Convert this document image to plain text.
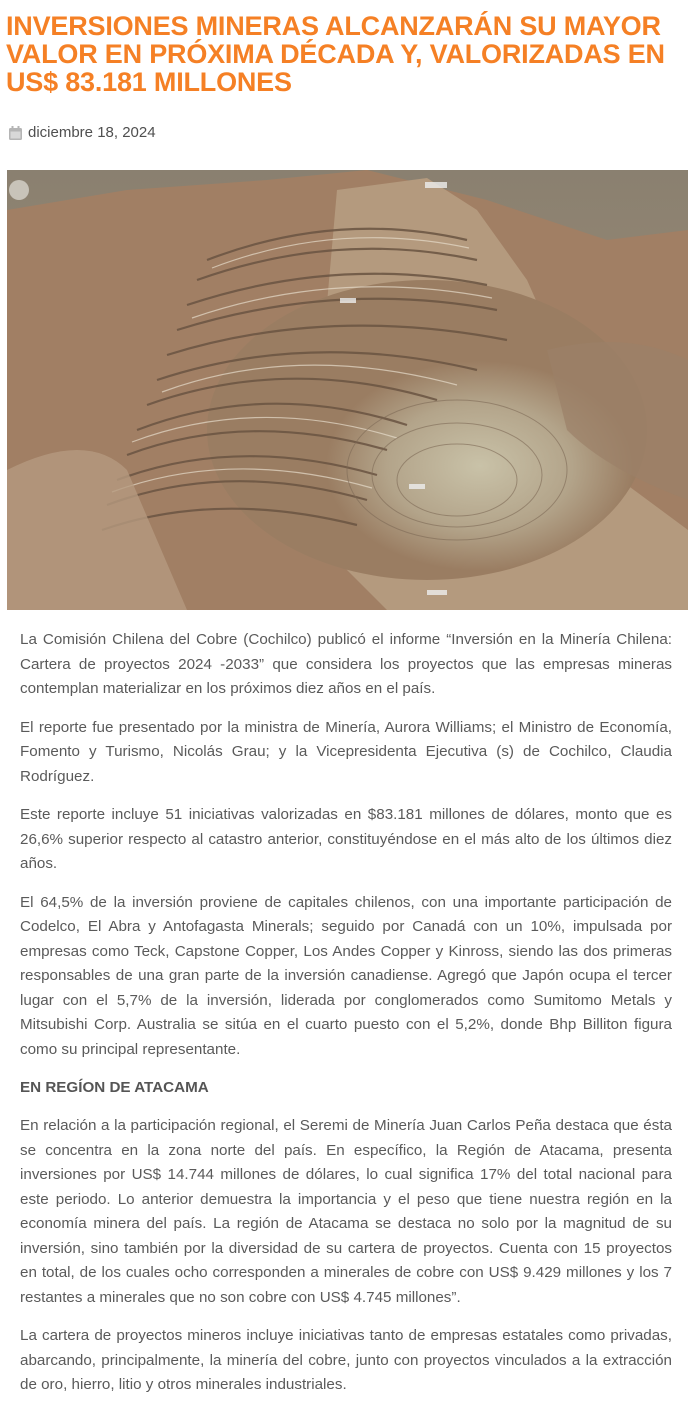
INVERSIONES MINERAS ALCANZARÁN SU MAYOR VALOR EN PRÓXIMA DÉCADA Y, VALORIZADAS EN US$ 83.181 MILLONES
diciembre 18, 2024

La Comisión Chilena del Cobre (Cochilco) publicó el informe “Inversión en la Minería Chilena: Cartera de proyectos 2024 -2033” que considera los proyectos que las empresas mineras contemplan materializar en los próximos diez años en el país.

El reporte fue presentado por la ministra de Minería, Aurora Williams; el Ministro de Economía, Fomento y Turismo, Nicolás Grau; y la Vicepresidenta Ejecutiva (s) de Cochilco, Claudia Rodríguez.

Este reporte incluye 51 iniciativas valorizadas en $83.181 millones de dólares, monto que es 26,6% superior respecto al catastro anterior, constituyéndose en el más alto de los últimos diez años.

El 64,5% de la inversión proviene de capitales chilenos, con una importante participación de Codelco, El Abra y Antofagasta Minerals; seguido por Canadá con un 10%, impulsada por empresas como Teck, Capstone Copper, Los Andes Copper y Kinross, siendo las dos primeras responsables de una gran parte de la inversión canadiense. Agregó que Japón ocupa el tercer lugar con el 5,7% de la inversión, liderada por conglomerados como Sumitomo Metals y Mitsubishi Corp. Australia se sitúa en el cuarto puesto con el 5,2%, donde Bhp Billiton figura como su principal representante.

EN REGÍON DE ATACAMA

En relación a la participación regional, el Seremi de Minería Juan Carlos Peña destaca que ésta se concentra en la zona norte del país. En específico, la Región de Atacama, presenta inversiones por US$ 14.744 millones de dólares, lo cual significa 17% del total nacional para este periodo. Lo anterior demuestra la importancia y el peso que tiene nuestra región en la economía minera del país. La región de Atacama se destaca no solo por la magnitud de su inversión, sino también por la diversidad de su cartera de proyectos. Cuenta con 15 proyectos en total, de los cuales ocho corresponden a minerales de cobre con US$ 9.429 millones y los 7 restantes a minerales que no son cobre con US$ 4.745 millones”.

La cartera de proyectos mineros incluye iniciativas tanto de empresas estatales como privadas, abarcando, principalmente, la minería del cobre, junto con proyectos vinculados a la extracción de oro, hierro, litio y otros minerales industriales.
